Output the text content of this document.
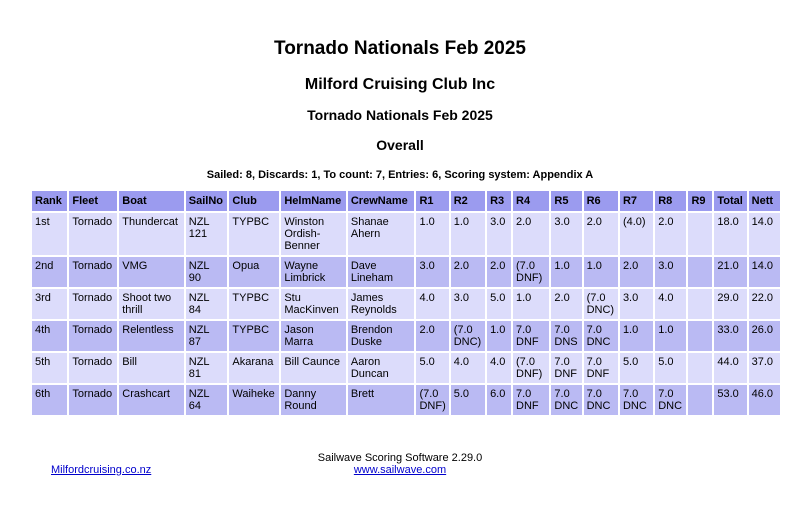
Tornado Nationals Feb 2025
Milford Cruising Club Inc
Tornado Nationals Feb 2025
Overall
Sailed: 8, Discards: 1, To count: 7, Entries: 6, Scoring system: Appendix A
Rank	Fleet	Boat	SailNo	Club	HelmName	CrewName	R1	R2	R3	R4	R5	R6	R7	R8	R9	Total	Nett
1st	Tornado	Thundercat	NZL 121	TYPBC	Winston Ordish-Benner	Shanae Ahern	1.0	1.0	3.0	2.0	3.0	2.0	(4.0)	2.0		18.0	14.0
2nd	Tornado	VMG	NZL 90	Opua	Wayne Limbrick	Dave Lineham	3.0	2.0	2.0	(7.0 DNF)	1.0	1.0	2.0	3.0		21.0	14.0
3rd	Tornado	Shoot two thrill	NZL 84	TYPBC	Stu MacKinven	James Reynolds	4.0	3.0	5.0	1.0	2.0	(7.0 DNC)	3.0	4.0		29.0	22.0
4th	Tornado	Relentless	NZL 87	TYPBC	Jason Marra	Brendon Duske	2.0	(7.0 DNC)	1.0	7.0 DNF	7.0 DNS	7.0 DNC	1.0	1.0		33.0	26.0
5th	Tornado	Bill	NZL 81	Akarana	Bill Caunce	Aaron Duncan	5.0	4.0	4.0	(7.0 DNF)	7.0 DNF	7.0 DNF	5.0	5.0		44.0	37.0
6th	Tornado	Crashcart	NZL 64	Waiheke	Danny Round	Brett	(7.0 DNF)	5.0	6.0	7.0 DNF	7.0 DNC	7.0 DNC	7.0 DNC	7.0 DNC		53.0	46.0
Milfordcruising.co.nz
Sailwave Scoring Software 2.29.0
www.sailwave.com
